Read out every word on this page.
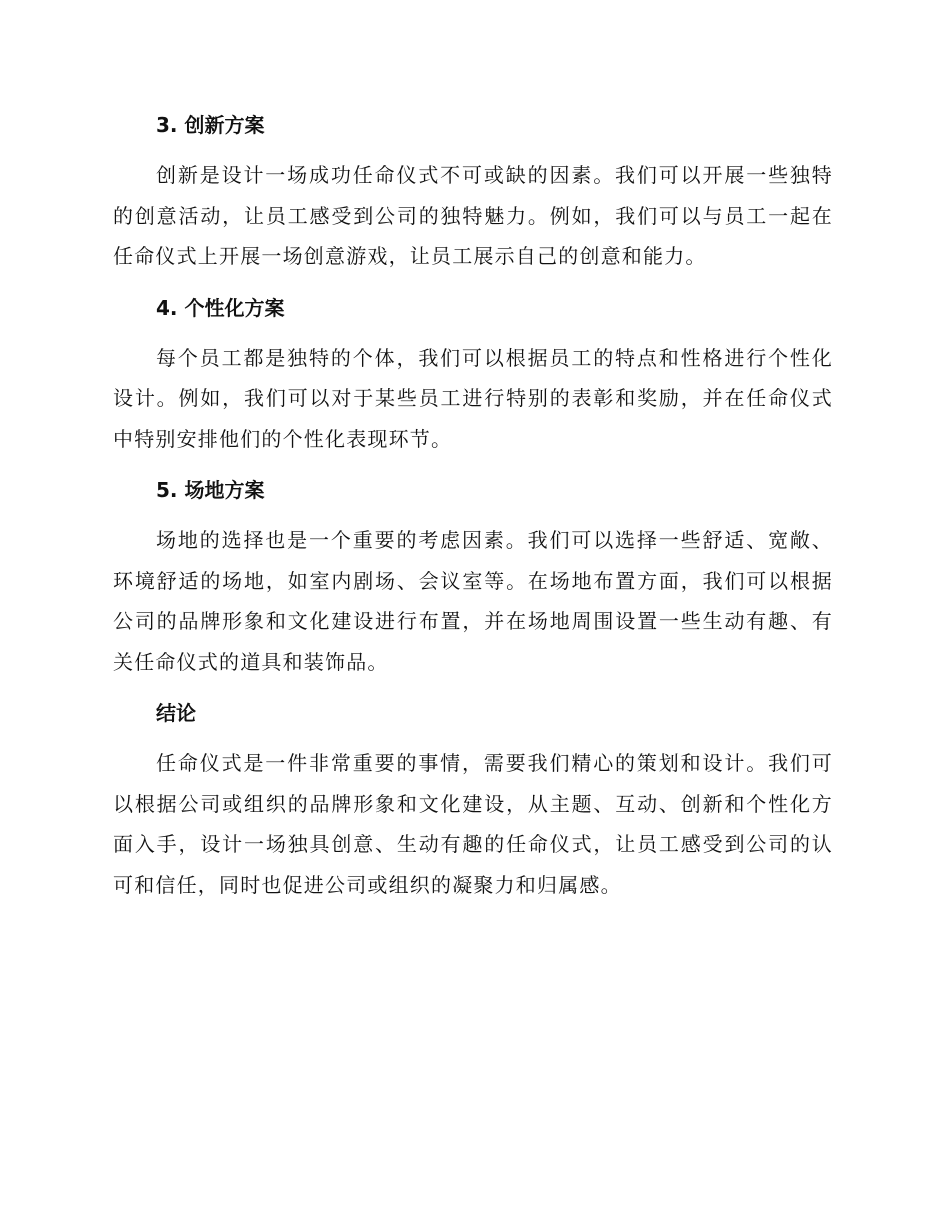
3. 创新方案

创新是设计一场成功任命仪式不可或缺的因素。我们可以开展一些独特的创意活动，让员工感受到公司的独特魅力。例如，我们可以与员工一起在任命仪式上开展一场创意游戏，让员工展示自己的创意和能力。

4. 个性化方案

每个员工都是独特的个体，我们可以根据员工的特点和性格进行个性化设计。例如，我们可以对于某些员工进行特别的表彰和奖励，并在任命仪式中特别安排他们的个性化表现环节。

5. 场地方案

场地的选择也是一个重要的考虑因素。我们可以选择一些舒适、宽敞、环境舒适的场地，如室内剧场、会议室等。在场地布置方面，我们可以根据公司的品牌形象和文化建设进行布置，并在场地周围设置一些生动有趣、有关任命仪式的道具和装饰品。

结论

任命仪式是一件非常重要的事情，需要我们精心的策划和设计。我们可以根据公司或组织的品牌形象和文化建设，从主题、互动、创新和个性化方面入手，设计一场独具创意、生动有趣的任命仪式，让员工感受到公司的认可和信任，同时也促进公司或组织的凝聚力和归属感。
